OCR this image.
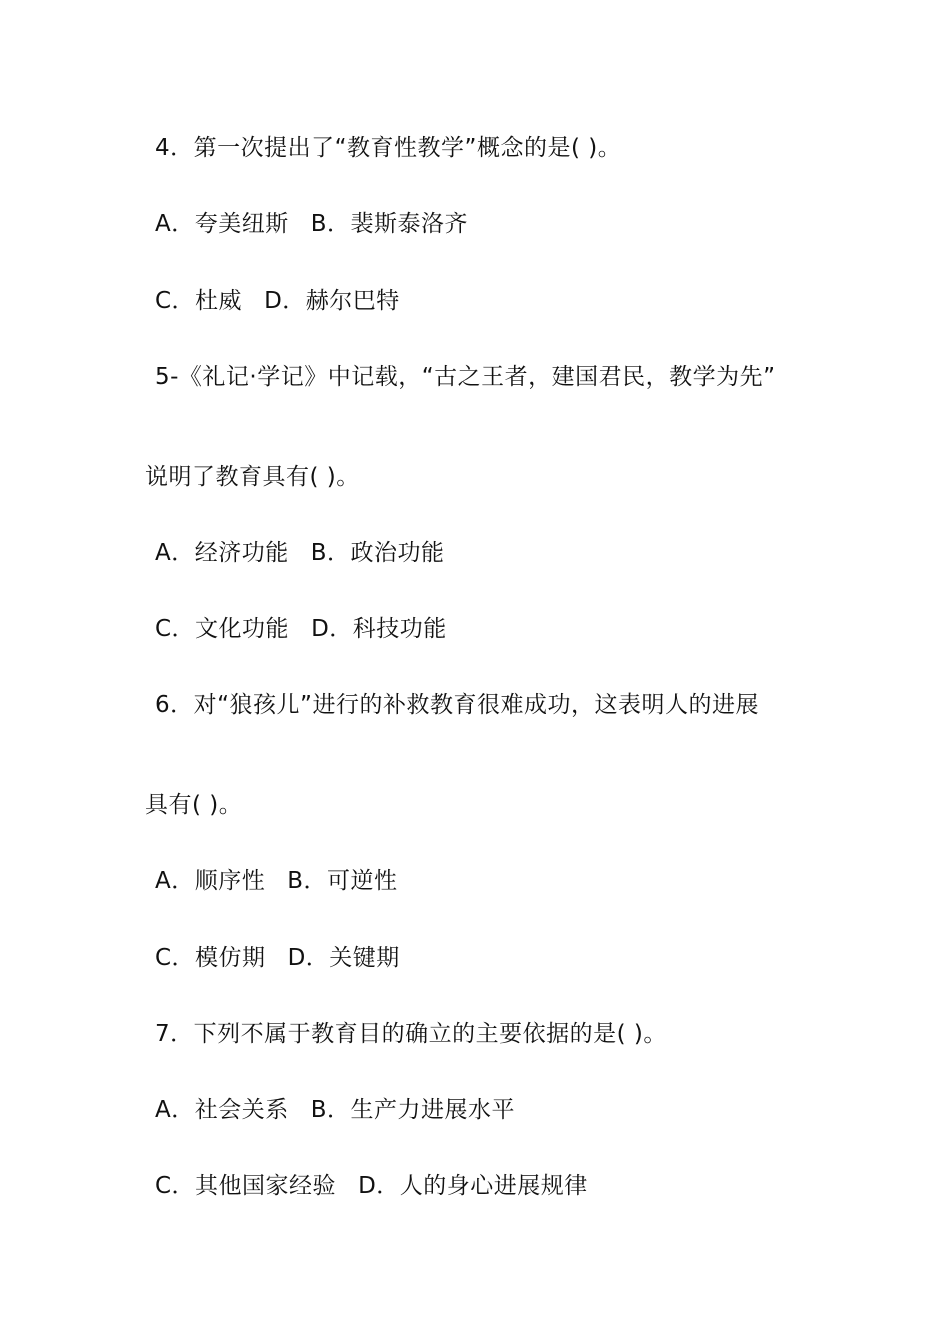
4．第一次提出了“教育性教学”概念的是( )。
A．夸美纽斯 B．裴斯泰洛齐
C．杜威 D．赫尔巴特
5-《礼记·学记》中记载，“古之王者，建国君民，教学为先”
说明了教育具有( )。
A．经济功能 B．政治功能
C．文化功能 D．科技功能
6．对“狼孩儿”进行的补救教育很难成功，这表明人的进展
具有( )。
A．顺序性 B．可逆性
C．模仿期 D．关键期
7．下列不属于教育目的确立的主要依据的是( )。
A．社会关系 B．生产力进展水平
C．其他国家经验 D．人的身心进展规律
